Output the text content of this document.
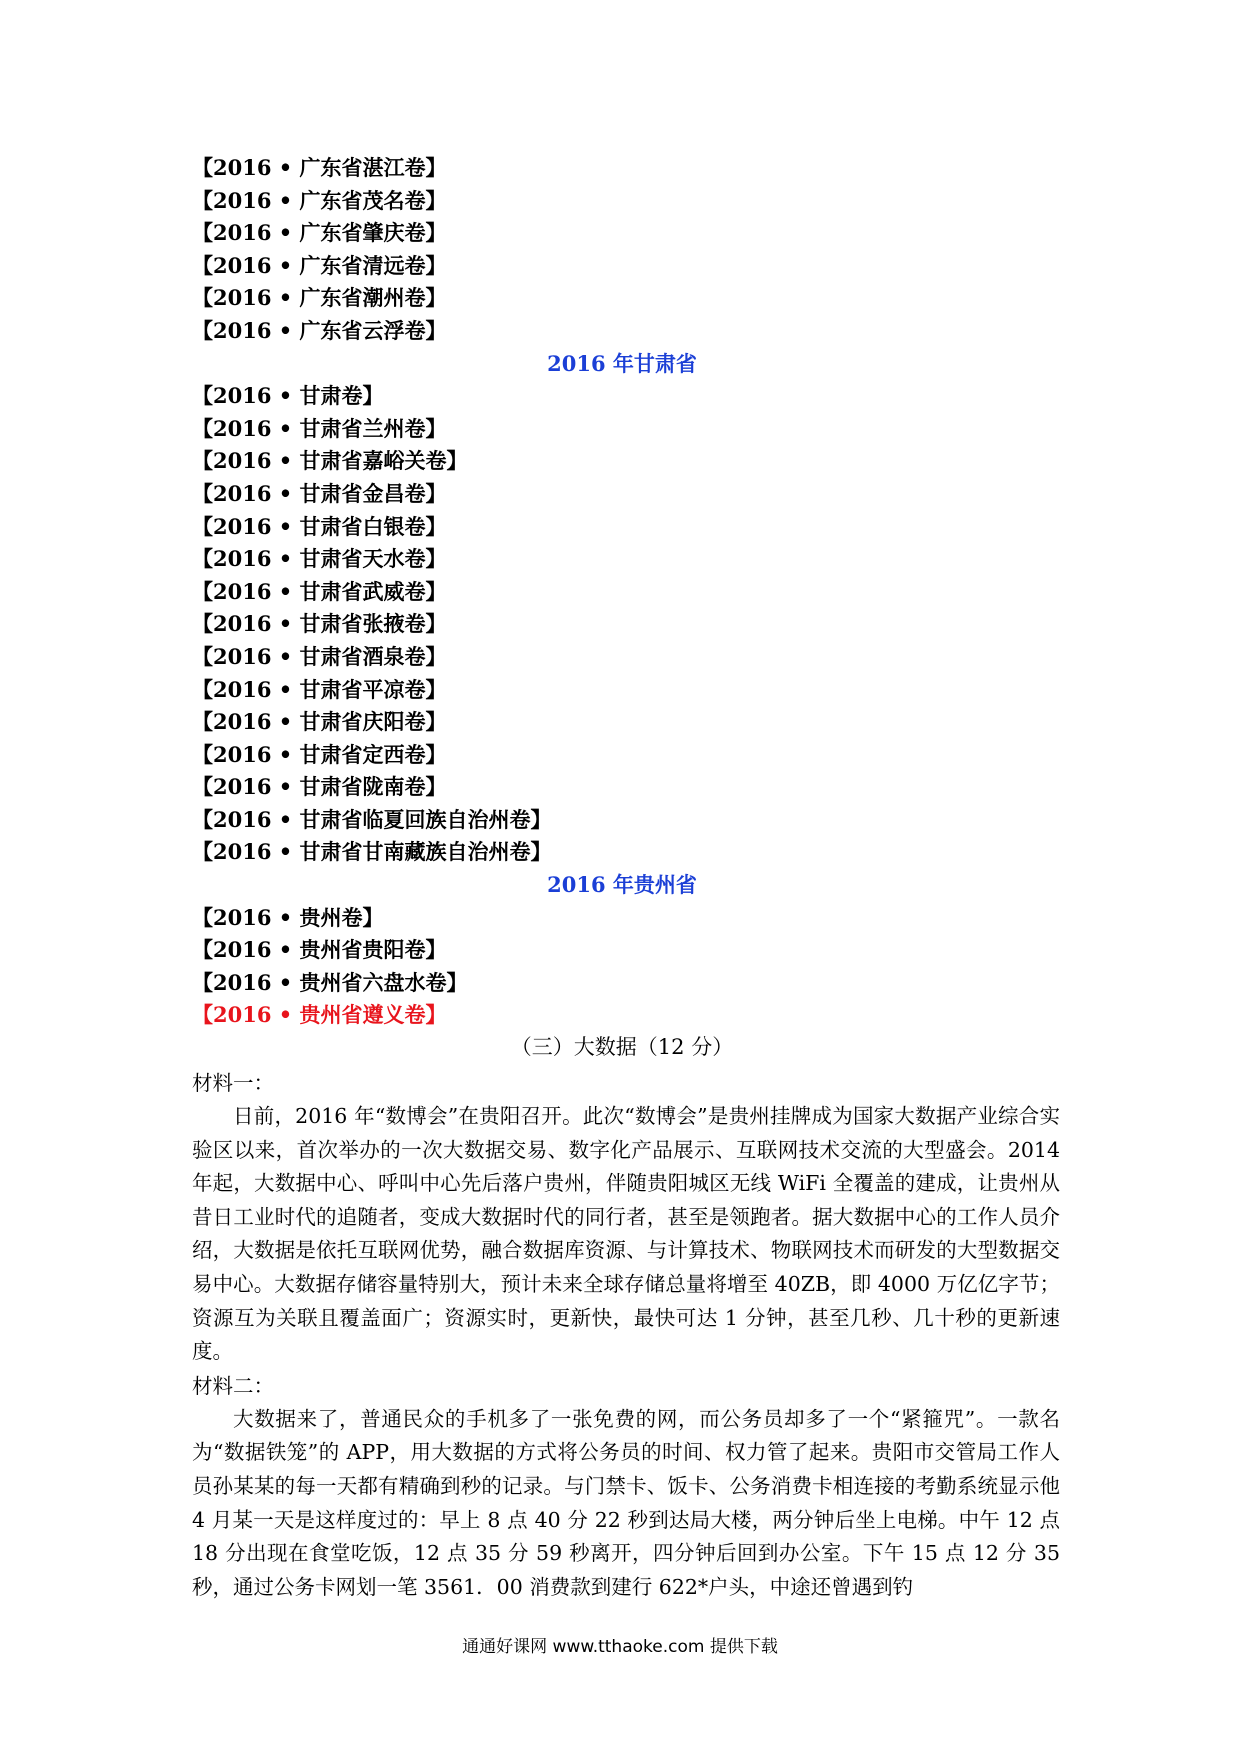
【2016 • 广东省湛江卷】
【2016 • 广东省茂名卷】
【2016 • 广东省肇庆卷】
【2016 • 广东省清远卷】
【2016 • 广东省潮州卷】
【2016 • 广东省云浮卷】
2016 年甘肃省
【2016 • 甘肃卷】
【2016 • 甘肃省兰州卷】
【2016 • 甘肃省嘉峪关卷】
【2016 • 甘肃省金昌卷】
【2016 • 甘肃省白银卷】
【2016 • 甘肃省天水卷】
【2016 • 甘肃省武威卷】
【2016 • 甘肃省张掖卷】
【2016 • 甘肃省酒泉卷】
【2016 • 甘肃省平凉卷】
【2016 • 甘肃省庆阳卷】
【2016 • 甘肃省定西卷】
【2016 • 甘肃省陇南卷】
【2016 • 甘肃省临夏回族自治州卷】
【2016 • 甘肃省甘南藏族自治州卷】
2016 年贵州省
【2016 • 贵州卷】
【2016 • 贵州省贵阳卷】
【2016 • 贵州省六盘水卷】
【2016 • 贵州省遵义卷】
（三）大数据（12 分）
材料一：

日前，2016 年“数博会”在贵阳召开。此次“数博会”是贵州挂牌成为国家大数据产业综合实验区以来，首次举办的一次大数据交易、数字化产品展示、互联网技术交流的大型盛会。2014 年起，大数据中心、呼叫中心先后落户贵州，伴随贵阳城区无线 WiFi 全覆盖的建成，让贵州从昔日工业时代的追随者，变成大数据时代的同行者，甚至是领跑者。据大数据中心的工作人员介绍，大数据是依托互联网优势，融合数据库资源、与计算技术、物联网技术而研发的大型数据交易中心。大数据存储容量特别大，预计未来全球存储总量将增至 40ZB，即 4000 万亿亿字节；资源互为关联且覆盖面广；资源实时，更新快，最快可达 1 分钟，甚至几秒、几十秒的更新速度。

材料二：

大数据来了，普通民众的手机多了一张免费的网，而公务员却多了一个“紧箍咒”。一款名为“数据铁笼”的 APP，用大数据的方式将公务员的时间、权力管了起来。贵阳市交管局工作人员孙某某的每一天都有精确到秒的记录。与门禁卡、饭卡、公务消费卡相连接的考勤系统显示他 4 月某一天是这样度过的：早上 8 点 40 分 22 秒到达局大楼，两分钟后坐上电梯。中午 12 点 18 分出现在食堂吃饭，12 点 35 分 59 秒离开，四分钟后回到办公室。下午 15 点 12 分 35 秒，通过公务卡网划一笔 3561．00 消费款到建行 622*户头，中途还曾遇到钓

通通好课网 www.tthaoke.com 提供下载
